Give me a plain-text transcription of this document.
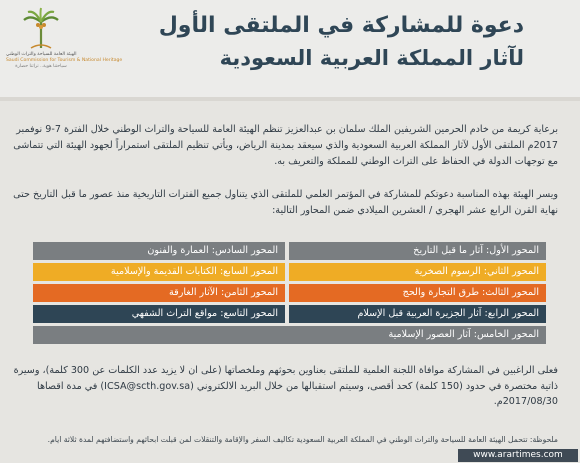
الهيئة العامة للسياحة والتراث الوطني
Saudi Commission for Tourism & National Heritage
سياحتنا هوية.. تراثنا حضارة
دعوة للمشاركة في الملتقى الأول
لآثار المملكة العربية السعودية

برعاية كريمة من خادم الحرمين الشريفين الملك سلمان بن عبدالعزيز تنظم الهيئة العامة للسياحة والتراث الوطني خلال الفترة 7-9 نوفمبر 2017م الملتقى الأول لآثار المملكة العربية السعودية والذي سيعقد بمدينة الرياض، ويأتي تنظيم الملتقى استمراراً لجهود الهيئة التي تتماشى مع توجهات الدولة في الحفاظ على التراث الوطني للمملكة والتعريف به.

ويسر الهيئة بهذه المناسبة دعوتكم للمشاركة في المؤتمر العلمي للملتقى الذي يتناول جميع الفترات التاريخية منذ عصور ما قبل التاريخ حتى نهاية القرن الرابع عشر الهجري / العشرين الميلادي ضمن المحاور التالية:

المحور الأول: آثار ما قبل التاريخ
المحور السادس: العمارة والفنون
المحور الثاني: الرسوم الصخرية
المحور السابع: الكتابات القديمة والإسلامية
المحور الثالث: طرق التجارة والحج
المحور الثامن: الآثار الغارقة
المحور الرابع: آثار الجزيرة العربية قبل الإسلام
المحور التاسع: مواقع التراث الشفهي
المحور الخامس: آثار العصور الإسلامية

فعلى الراغبين في المشاركة موافاة اللجنة العلمية للملتقى بعناوين بحوثهم وملخصاتها (على ان لا يزيد عدد الكلمات عن 300 كلمة)، وسيرة ذاتية مختصرة في حدود (150 كلمة) كحد أقصى، وسيتم استقبالها من خلال البريد الالكتروني (ICSA@scth.gov.sa) في مدة اقصاها 2017/08/30م.

ملحوظة: تتحمل الهيئة العامة للسياحة والتراث الوطني في المملكة العربية السعودية تكاليف السفر والإقامة والتنقلات لمن قبلت ابحاثهم واستضافتهم لمدة ثلاثة ايام.

www.arartimes.com
